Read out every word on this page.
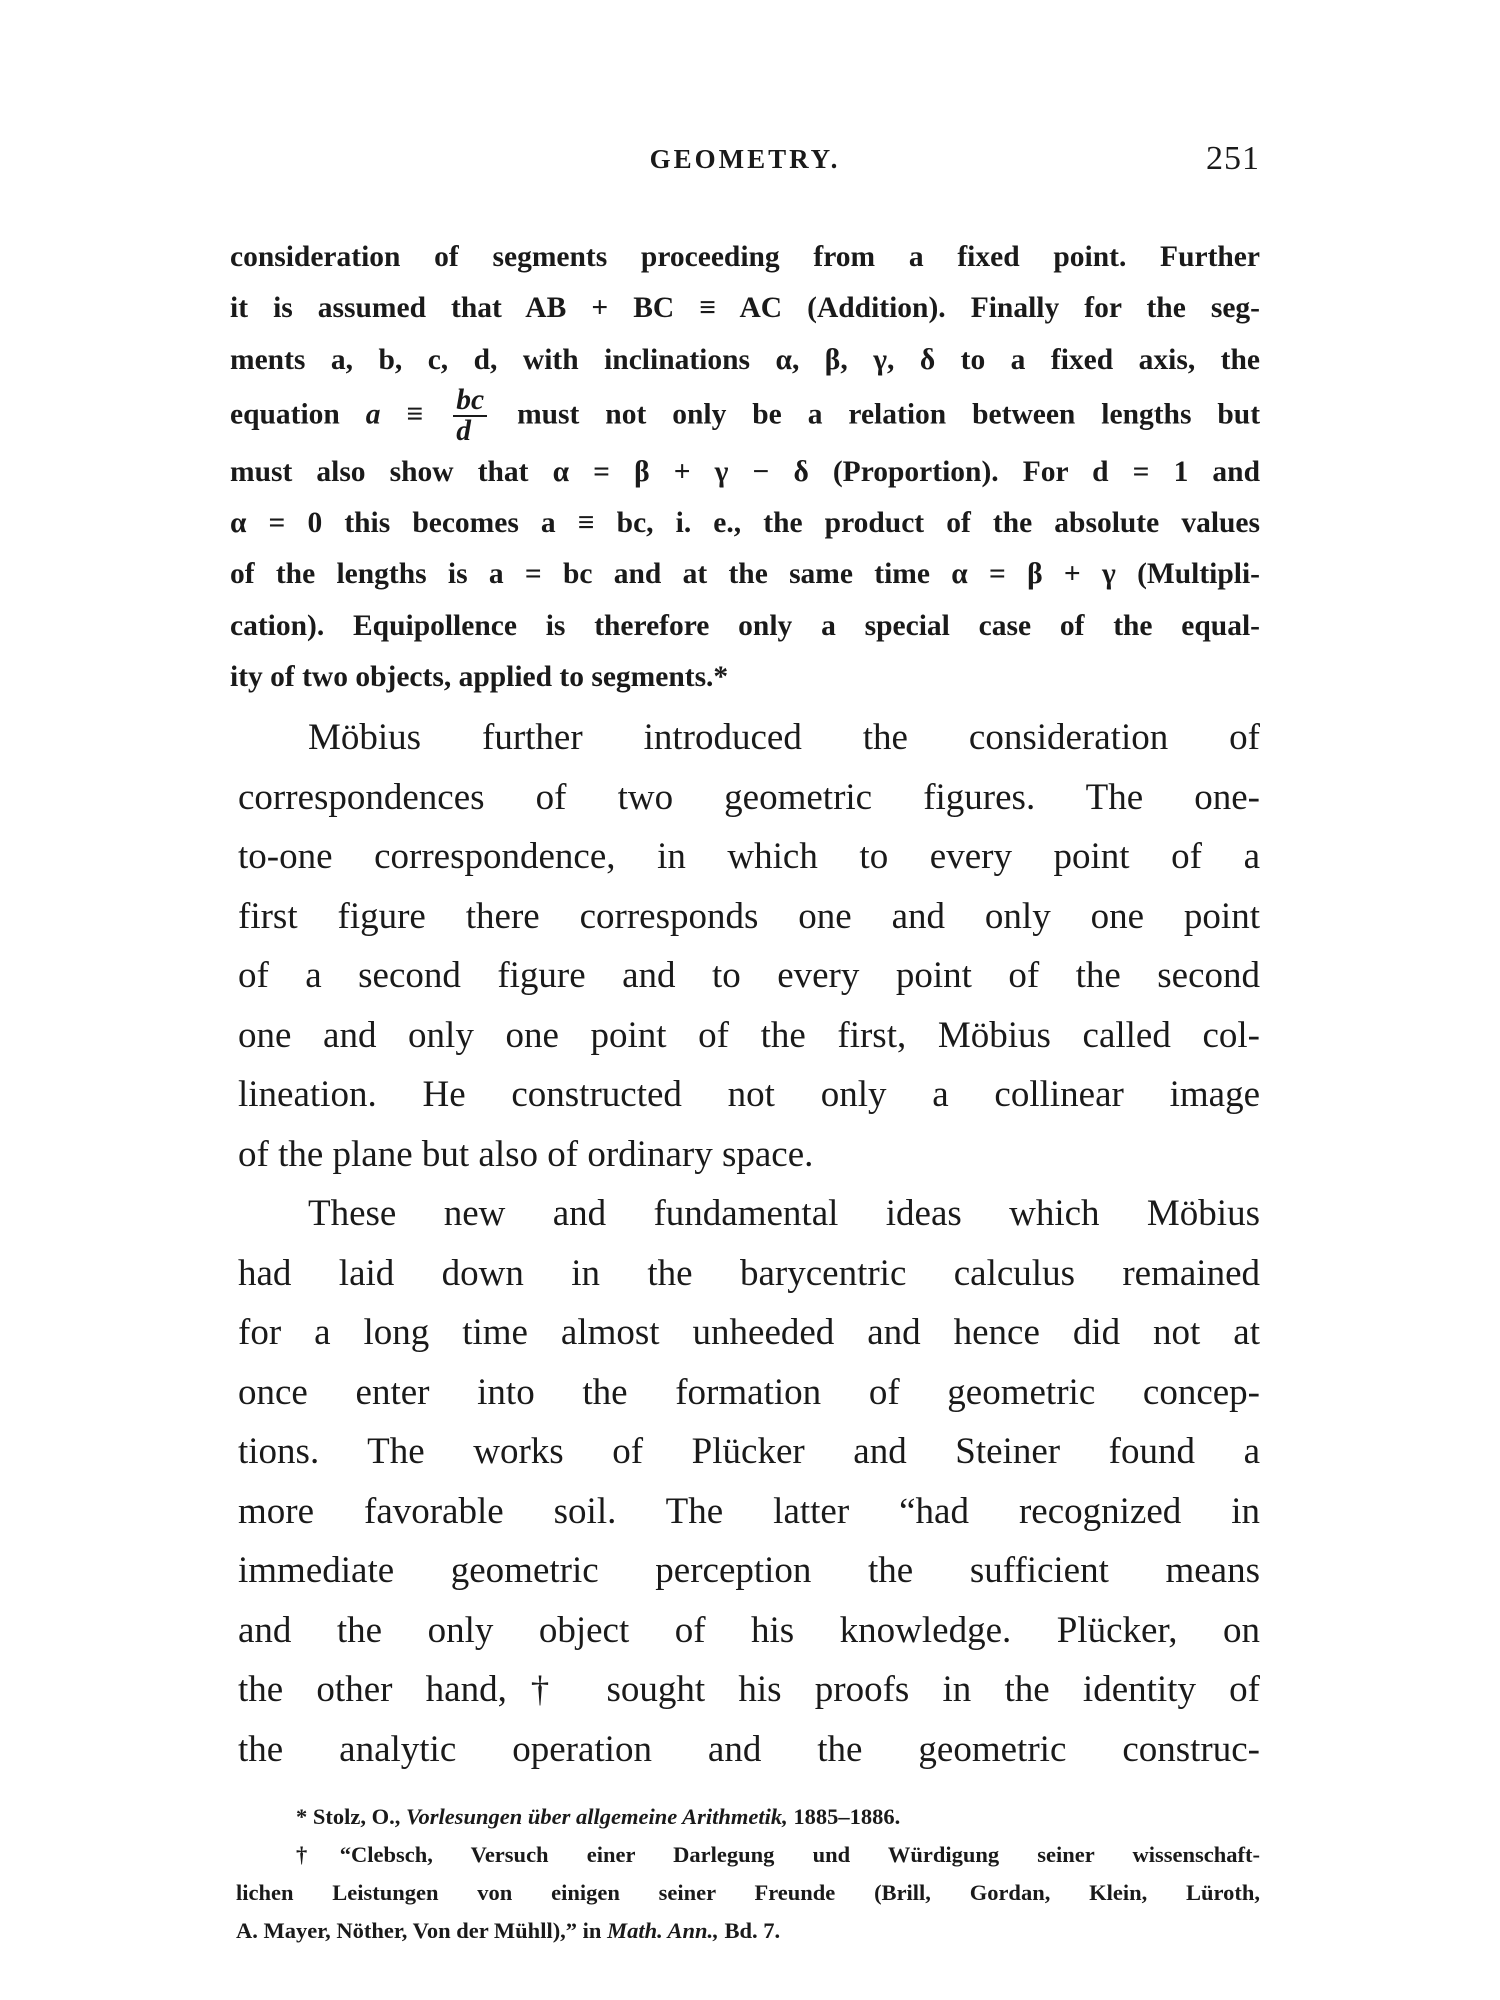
GEOMETRY.	251
consideration of segments proceeding from a fixed point. Further
it is assumed that AB + BC ≡ AC (Addition). Finally for the seg-
ments a, b, c, d, with inclinations α, β, γ, δ to a fixed axis, the
equation $a \equiv \frac{bc}{d}$ must not only be a relation between lengths but
must also show that α = β + γ − δ (Proportion). For d = 1 and
α = 0 this becomes a ≡ bc, i. e., the product of the absolute values
of the lengths is a = bc and at the same time α = β + γ (Multipli-
cation). Equipollence is therefore only a special case of the equal-
ity of two objects, applied to segments.*
Möbius further introduced the consideration of
correspondences of two geometric figures. The one-
to-one correspondence, in which to every point of a
first figure there corresponds one and only one point
of a second figure and to every point of the second
one and only one point of the first, Möbius called col-
lineation. He constructed not only a collinear image
of the plane but also of ordinary space.
These new and fundamental ideas which Möbius
had laid down in the barycentric calculus remained
for a long time almost unheeded and hence did not at
once enter into the formation of geometric concep-
tions. The works of Plücker and Steiner found a
more favorable soil. The latter “had recognized in
immediate geometric perception the sufficient means
and the only object of his knowledge. Plücker, on
the other hand,† sought his proofs in the identity of
the analytic operation and the geometric construc-
* Stolz, O., Vorlesungen über allgemeine Arithmetik, 1885–1886.
†“Clebsch, Versuch einer Darlegung und Würdigung seiner wissenschaft-
lichen Leistungen von einigen seiner Freunde (Brill, Gordan, Klein, Lüroth,
A. Mayer, Nöther, Von der Mühll),” in Math. Ann., Bd. 7.
